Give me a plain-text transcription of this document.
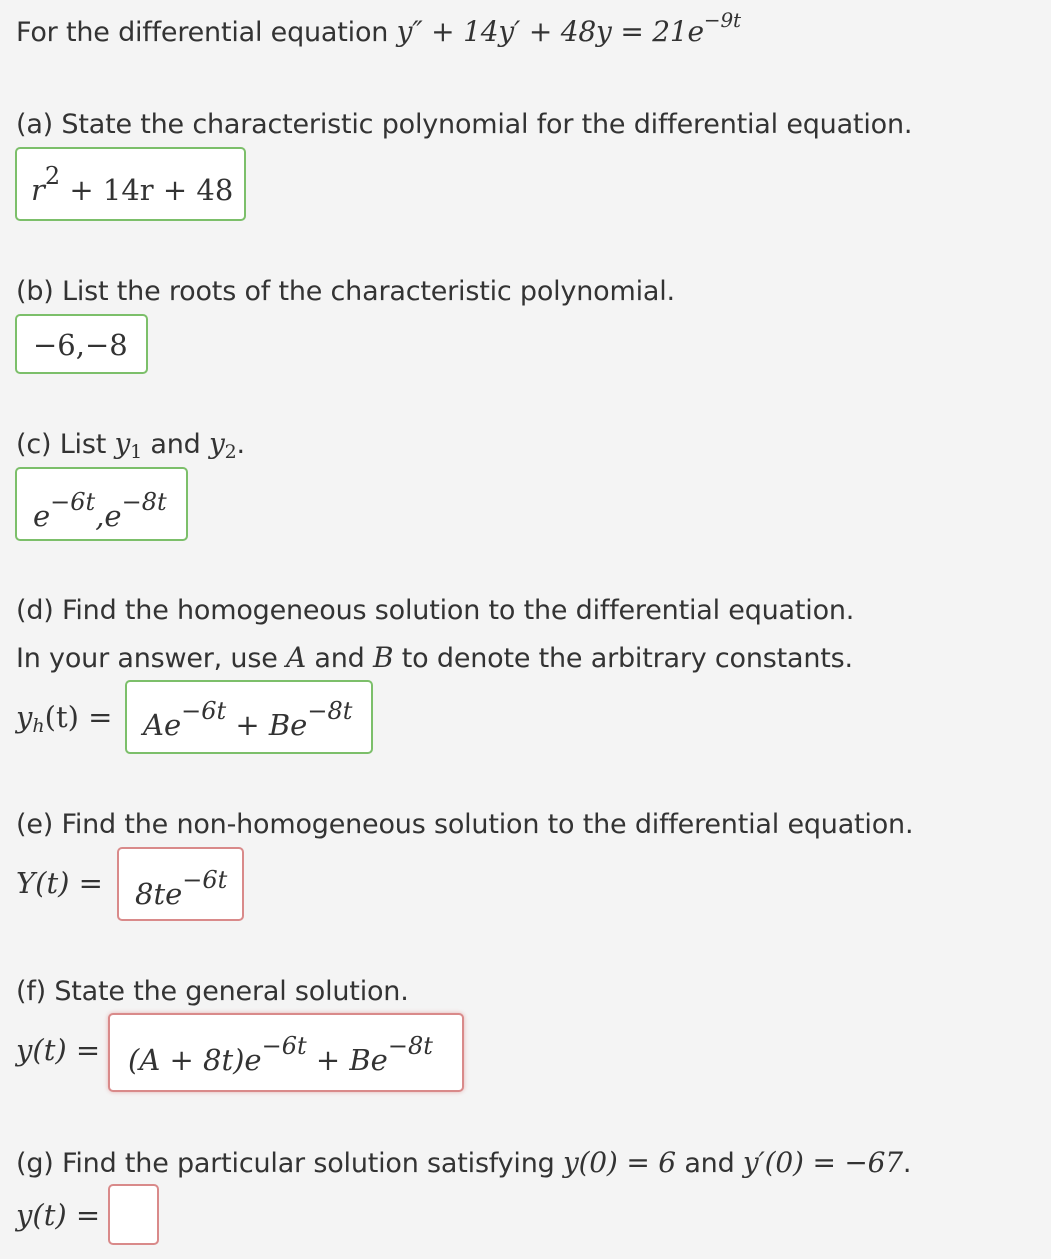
For the differential equation $y'' + 14y' + 48y = 21e^{-9t}$
(a) State the characteristic polynomial for the differential equation.
$r^2 + 14r + 48$
(b) List the roots of the characteristic polynomial.
−6,−8
(c) List $y_1$ and $y_2$.
$e^{-6t},e^{-8t}$
(d) Find the homogeneous solution to the differential equation.
In your answer, use A and B to denote the arbitrary constants.
$y_h(t) = Ae^{-6t} + Be^{-8t}$
(e) Find the non-homogeneous solution to the differential equation.
$Y(t) = 8te^{-6t}$
(f) State the general solution.
$y(t) = (A + 8t)e^{-6t} + Be^{-8t}$
(g) Find the particular solution satisfying y(0) = 6 and y′(0) = −67.
y(t) =
